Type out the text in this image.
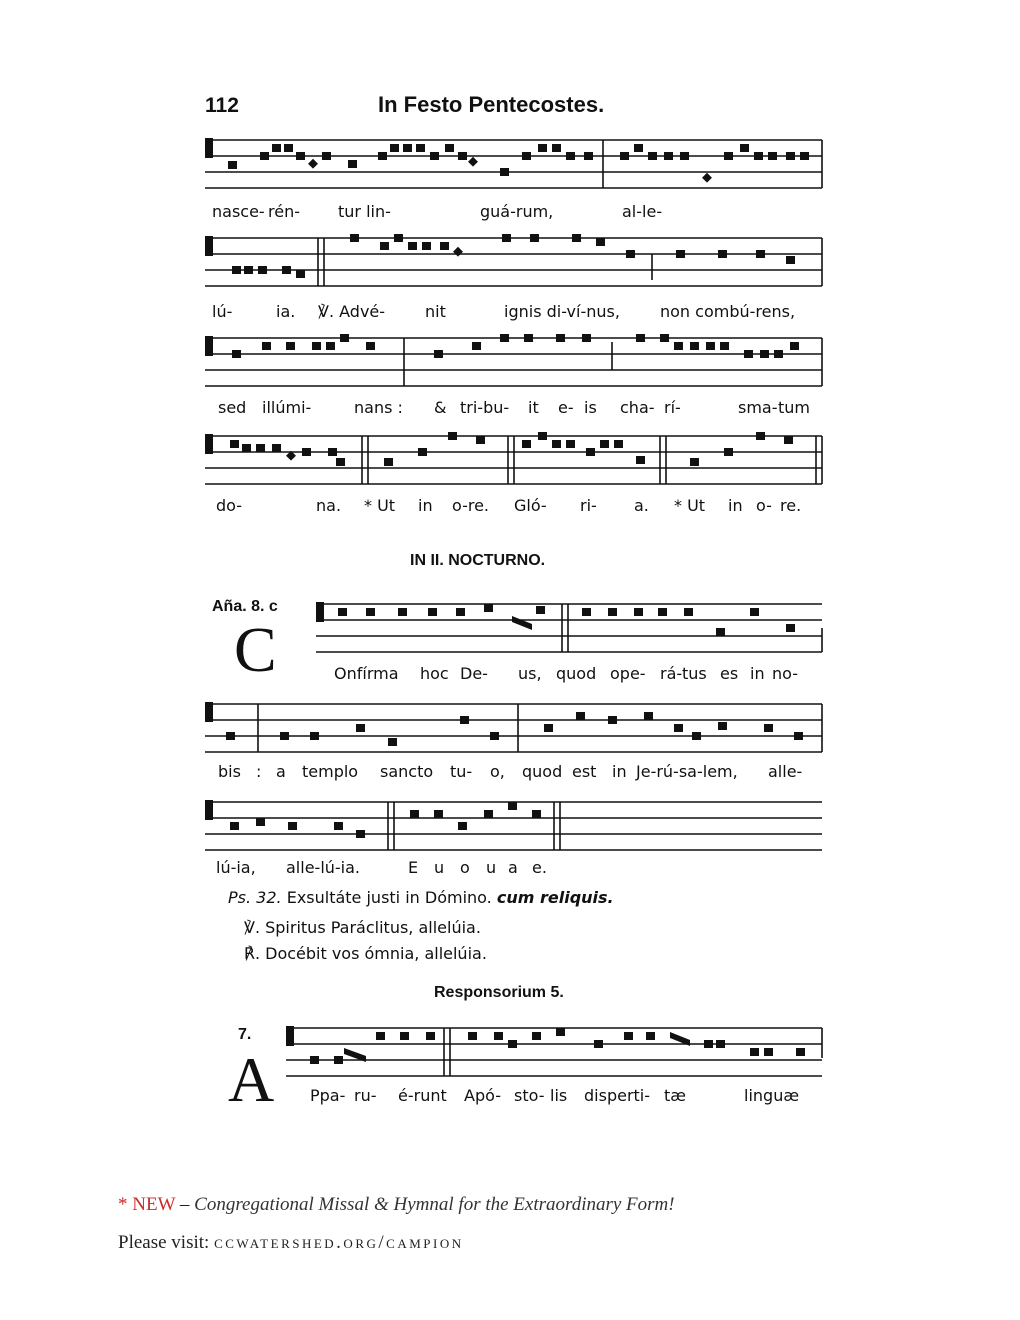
112	In Festo Pentecostes.
nasce- rén- tur lin-	guá-rum,	al-le-
lú-	ia. ℣. Advé- nit	ignis di-ví-nus,	non combú-rens,
sed illúmi-	nans : & tri-bu- it e- is cha- rí-	sma- tum
do-	na. * Ut in o-re. Gló- ri- a. * Ut in o- re.
IN II. NOCTURNO.
Añа. 8. c
C	Onfírma hoc De- us, quod ope- rá- tus es in no-
bis : a templo sancto tu- o, quod est in Je-rú-sa-lem, alle-
lú-ia, alle-lú-ia.	E u o u a e.
Ps. 32. Exsultáte justi in Dómino. cum reliquis.
℣. Spiritus Paráclitus, allelúia.
℟. Docébit vos ómnia, allelúia.
Responsorium 5.
7.
A Ppa- ru- é-runt Apó- sto- lis disperti- tæ	linguæ
* NEW – Congregational Missal & Hymnal for the Extraordinary Form!
Please visit: ccwatershed.org/campion
